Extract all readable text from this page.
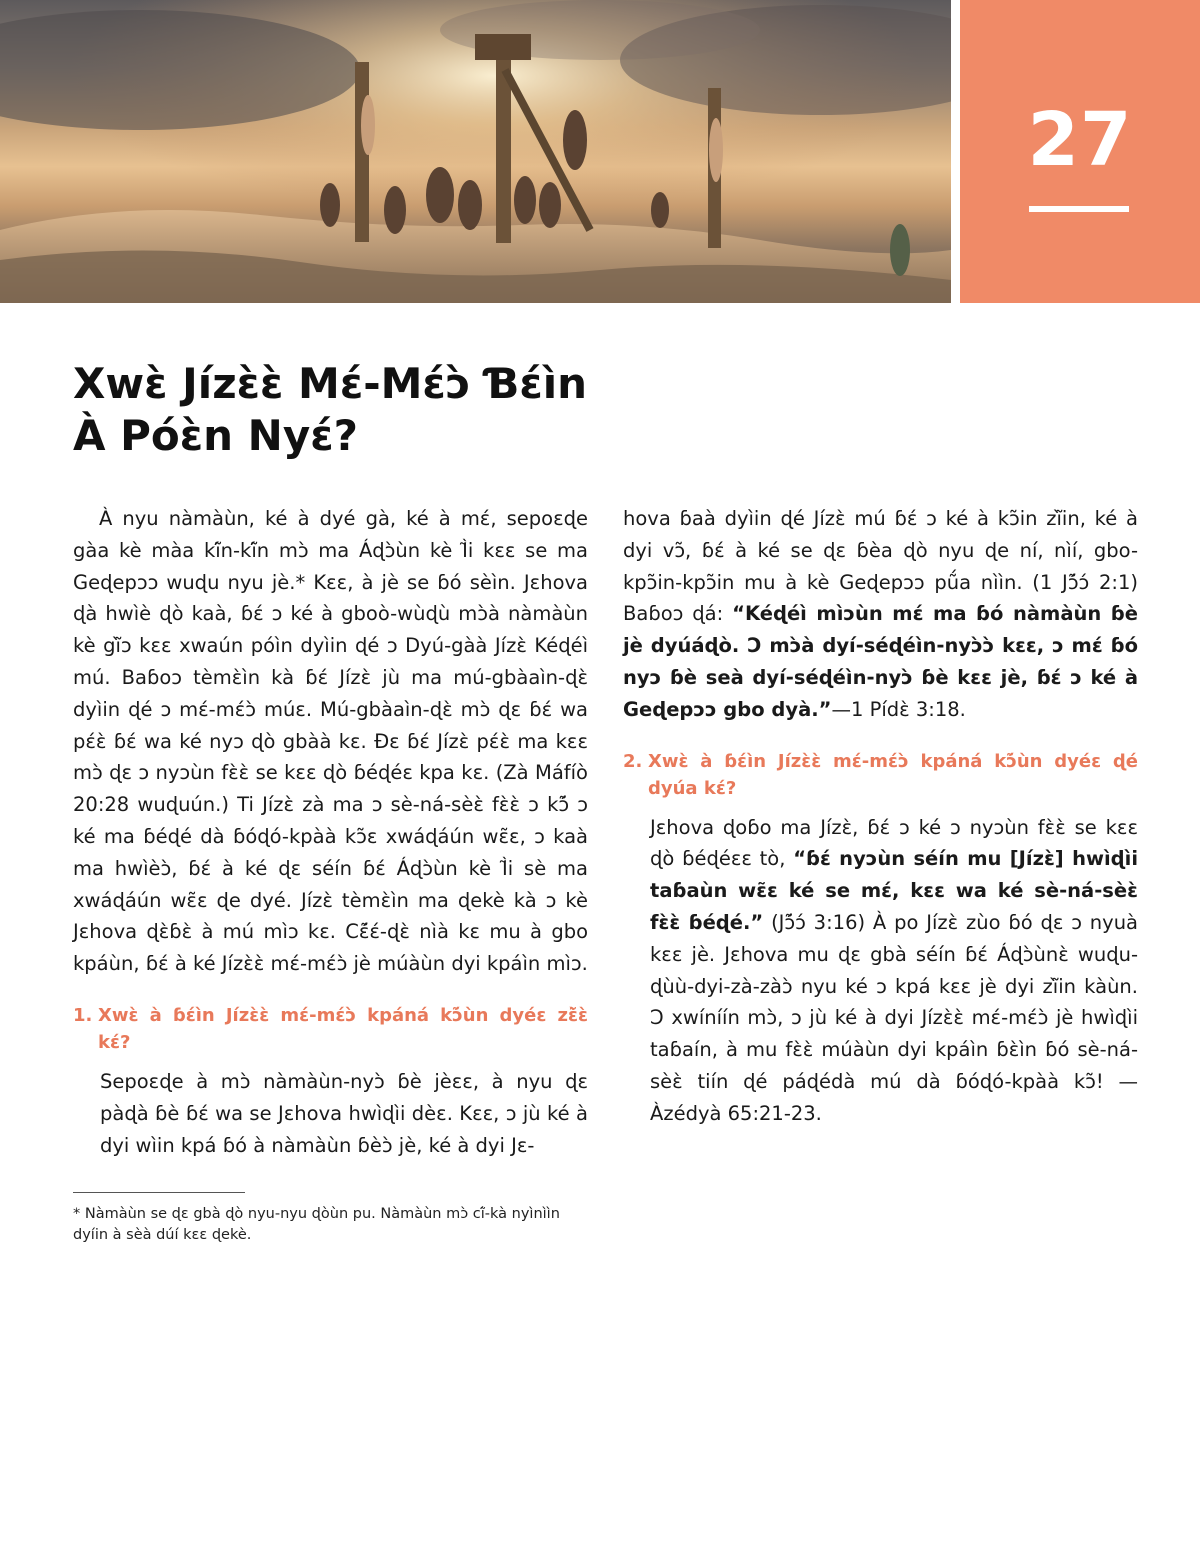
27
Xwɛ̀ Jízɛ̀ɛ̀ Mɛ́-Mɛ́ɔ̀ Ɓɛ́ìn
À Póɛ̀n Nyɛ́?

À nyu nàmàùn, ké à dyé gà, ké à mɛ́, sepoɛɖe gàa kè màa kĩ́n-kĩ́n mɔ̀ ma Áɖɔ̀ùn kè Ì̃i kɛɛ se ma Geɖepɔɔ wuɖu nyu jè.* Kɛɛ, à jè se ɓó sèìn. Jɛhova ɖà hwìè ɖò kaà, ɓɛ́ ɔ ké à gboò-wùɖù mɔ̀à nàmàùn kè gĩ̀ɔ kɛɛ xwaún póìn dyìin ɖé ɔ Dyú-gàà Jízɛ̀ Kéɖéì mú. Baɓoɔ tèmɛ̀ìn kà ɓɛ́ Jízɛ̀ jù ma mú-gbàaìn-ɖɛ̀ dyìin ɖé ɔ mɛ́-mɛ́ɔ̀ múɛ. Mú-gbàaìn-ɖɛ̀ mɔ̀ ɖɛ ɓɛ́ wa pɛ́ɛ̀ ɓɛ́ wa ké nyɔ ɖò gbàà kɛ. Ɖɛ ɓɛ́ Jízɛ̀ pɛ́ɛ̀ ma kɛɛ mɔ̀ ɖɛ ɔ nyɔùn fɛ̀ɛ̀ se kɛɛ ɖò ɓéɖéɛ kpa kɛ. (Zà Máfíò 20:28 wuɖuún.) Ti Jízɛ̀ zà ma ɔ sè-ná-sèɛ̀ fɛ̀ɛ̀ ɔ kɔ̃́ ɔ ké ma ɓéɖé dà ɓóɖó-kpàà kɔ̃ɛ xwáɖáún wɛ̃ɛ, ɔ kaà ma hwìèɔ̀, ɓɛ́ à ké ɖɛ séín ɓɛ́ Áɖɔ̀ùn kè Ì̃i sè ma xwáɖáún wɛ̃ɛ ɖe dyé. Jízɛ̀ tèmɛ̀ìn ma ɖekè kà ɔ kè Jɛhova ɖɛ̀ɓɛ̀ à mú mìɔ kɛ. Cɛ̃́ɛ́-ɖɛ̀ nìà kɛ mu à gbo kpáùn, ɓɛ́ à ké Jízɛ̀ɛ̀ mɛ́-mɛ́ɔ̀ jè múàùn dyi kpáìn mìɔ.

1. Xwɛ̀ à ɓɛ́ìn Jízɛ̀ɛ̀ mɛ́-mɛ́ɔ̀ kpáná kɔ̃́ùn dyéɛ zɛ̃̀ɛ̀ kɛ́?

Sepoɛɖe à mɔ̀ nàmàùn-nyɔ̀ ɓè jèɛɛ, à nyu ɖɛ pàɖà ɓè ɓɛ́ wa se Jɛhova hwìɖìi dèɛ. Kɛɛ, ɔ jù ké à dyi wìin kpá ɓó à nàmàùn ɓèɔ̀ jè, ké à dyi Jɛ-

* Nàmàùn se ɖɛ gbà ɖò nyu-nyu ɖòùn pu. Nàmàùn mɔ̀ cĩ́-kà nyìnììn dyíin à sèà dúí kɛɛ ɖekè.

hova ɓaà dyìin ɖé Jízɛ̀ mú ɓɛ́ ɔ ké à kɔ̃in zĩ̀in, ké à dyi vɔ̃, ɓɛ́ à ké se ɖɛ ɓèa ɖò nyu ɖe ní, nìí, gbo-kpɔ̃in-kpɔ̃in mu à kè Geɖepɔɔ pṹa nììn. (1 Jɔ̃́ɔ́ 2:1) Baɓoɔ ɖá: “Kéɖéì mìɔùn mɛ́ ma ɓó nàmàùn ɓè jè dyúáɖò. Ɔ mɔ̀à dyí-séɖéìn-nyɔ̀ɔ̀ kɛɛ, ɔ mɛ́ ɓó nyɔ ɓè seà dyí-séɖéìn-nyɔ̀ ɓè kɛɛ jè, ɓɛ́ ɔ ké à Geɖepɔɔ gbo dyà.”—1 Pídɛ̀ 3:18.

2. Xwɛ̀ à ɓɛ́ìn Jízɛ̀ɛ̀ mɛ́-mɛ́ɔ̀ kpáná kɔ̃́ùn dyéɛ ɖé dyúa kɛ́?

Jɛhova ɖoɓo ma Jízɛ̀, ɓɛ́ ɔ ké ɔ nyɔùn fɛ̀ɛ̀ se kɛɛ ɖò ɓéɖéɛɛ tò, “ɓɛ́ nyɔùn séín mu [Jízɛ̀] hwìɖìi taɓaùn wɛ̃ɛ ké se mɛ́, kɛɛ wa ké sè-ná-sèɛ̀ fɛ̀ɛ̀ ɓéɖé.” (Jɔ̃́ɔ́ 3:16) À po Jízɛ̀ zùo ɓó ɖɛ ɔ nyuà kɛɛ jè. Jɛhova mu ɖɛ gbà séín ɓɛ́ Áɖɔ̀ùnɛ̀ wuɖu-ɖùù-dyi-zà-zàɔ̀ nyu ké ɔ kpá kɛɛ jè dyi zĩ̀in kàùn. Ɔ xwíníín mɔ̀, ɔ jù ké à dyi Jízɛ̀ɛ̀ mɛ́-mɛ́ɔ̀ jè hwìɖìi taɓaín, à mu fɛ̀ɛ̀ múàùn dyi kpáìn ɓɛ̀ìn ɓó sè-ná-sèɛ̀ tiín ɖé páɖédà mú dà ɓóɖó-kpàà kɔ̃! —Àzédyà 65:21-23.
